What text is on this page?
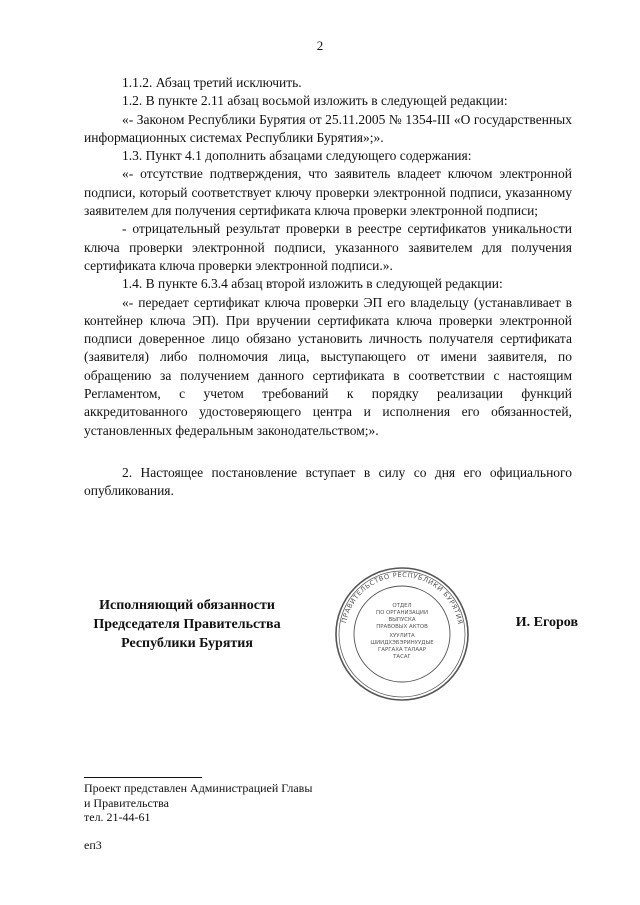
2

1.1.2. Абзац третий исключить.

1.2. В пункте 2.11 абзац восьмой изложить в следующей редакции:

«- Законом Республики Бурятия от 25.11.2005 № 1354-III «О государственных информационных системах Республики Бурятия»;».

1.3. Пункт 4.1 дополнить абзацами следующего содержания:

«- отсутствие подтверждения, что заявитель владеет ключом электронной подписи, который соответствует ключу проверки электронной подписи, указанному заявителем для получения сертификата ключа проверки электронной подписи;

- отрицательный результат проверки в реестре сертификатов уникальности ключа проверки электронной подписи, указанного заявителем для получения сертификата ключа проверки электронной подписи.».

1.4. В пункте 6.3.4 абзац второй изложить в следующей редакции:

«- передает сертификат ключа проверки ЭП его владельцу (устанавливает в контейнер ключа ЭП). При вручении сертификата ключа проверки электронной подписи доверенное лицо обязано установить личность получателя сертификата (заявителя) либо полномочия лица, выступающего от имени заявителя, по обращению за получением данного сертификата в соответствии с настоящим Регламентом, с учетом требований к порядку реализации функций аккредитованного удостоверяющего центра и исполнения его обязанностей, установленных федеральным законодательством;».

2. Настоящее постановление вступает в силу со дня его официального опубликования.

Исполняющий обязанности
Председателя Правительства
Республики Бурятия
ПРАВИТЕЛЬСТВО РЕСПУБЛИКИ БУРЯТИЯ
ОТДЕЛ
ПО ОРГАНИЗАЦИИ
ВЫПУСКА
ПРАВОВЫХ АКТОВ
ХУУЛИТА
ШИИДХЭБЭРИНУУДЫЕ
ГАРГАХА ТАЛААР
ТАСАГ
И. Егоров
Проект представлен Администрацией Главы
и Правительства
тел. 21-44-61
еп3
